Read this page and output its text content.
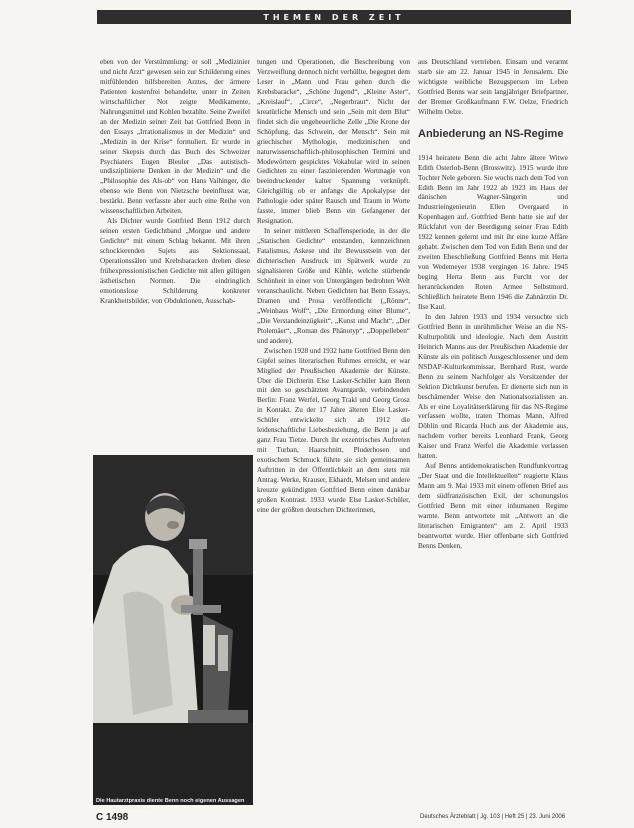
THEMEN DER ZEIT

eben von der Verstümmlung: er soll „Medizinier und nicht Arzt“ gewesen sein zur Schilderung eines mitfühlenden hilfsbereiten Arztes, der ärmere Patienten kostenfrei behandelte, unter in Zeiten wirtschaftlicher Not zeigte Medikamente, Nahrungsmittel und Kohlen bezahlte. Seine Zweifel an der Medizin seiner Zeit hat Gottfried Benn in den Essays „Irrationalismus in der Medizin“ und „Medizin in der Krise“ formuliert. Er wurde in seiner Skepsis durch das Buch des Schweizer Psychiaters Eugen Bleuler „Das autistisch-undisziplinierte Denken in der Medizin“ und die „Philosophie des Als-ob“ von Hans Vaihinger, die ebenso wie Benn von Nietzsche beeinflusst war, bestärkt. Benn verfasste aber auch eine Reihe von wissenschaftlichen Arbeiten.

Als Dichter wurde Gottfried Benn 1912 durch seinen ersten Gedichtband „Morgue und andere Gedichte“ mit einem Schlag bekannt. Mit ihren schockierenden Sujets aus Sektionssaal, Operationssälen und Krebsbaracken drehen diese frühexpressionistischen Gedichte mit allen gültigen ästhetischen Normen. Die eindringlich emotionslose Schilderung konkreter Krankheitsbilder, von Obduktionen, Ausschab-

tungen und Operationen, die Beschreibung von Verzweiflung dennoch nicht verhüllte, begegnet dem Leser in „Mann und Frau gehen durch die Krebsbaracke“, „Schöne Jugend“, „Kleine Aster“, „Kreislauf“, „Circe“, „Negerbraut“. Nicht der kreatürliche Mensch und sein „Sein mit dem Blut“ findet sich die ungeheuerliche Zelle „Die Krone der Schöpfung, das Schwein, der Mensch“. Sein mit griechischer Mythologie, medizinischen und naturwissenschaftlich-philosophischen Termini und Modewörtern gespicktes Vokabular wird in seinen Gedichten zu einer faszinierenden Wortmagie von beeindruckender kalter Spannung verknüpft. Gleichgültig ob er anfangs die Apokalypse der Pathologie oder später Rausch und Traum in Worte fasste, immer blieb Benn ein Gefangener der Resignation.

In seiner mittleren Schaffensperiode, in der die „Statischen Gedichte“ entstanden, kennzeichnen Fatalismus, Askese und ihr Bewusstsein von der dichterischen Ausdruck im Spätwerk wurde zu signalisieren Größe und Kühle, welche stürbende Schönheit in einer von Untergängen bedrohten Welt veranschaulicht. Neben Gedichten hat Benn Essays, Dramen und Prosa veröffentlicht („Rönne“, „Weinhaus Wolf“, „Die Ermordung einer Blume“, „Die Verstandeinzügkeit“, „Kunst und Macht“, „Der Ptolemäer“, „Roman des Phänotyp“, „Doppelleben“ und andere).

Zwischen 1928 und 1932 hatte Gottfried Benn den Gipfel seines literarischen Ruhmes erreicht, er war Mitglied der Preußischen Akademie der Künste. Über die Dichterin Else Lasker-Schüler kam Benn mit den so geschätzten Avantgarde, verbindenden Berlin: Franz Werfel, Georg Trakl und Georg Grosz in Kontakt. Zu der 17 Jahre älteren Else Lasker-Schüler entwickelte sich ab 1912 die leidenschaftliche Liebesbeziehung, die Benn ja auf ganz Frau Tietze. Durch ihr exzentrisches Auftreten mit Turban, Haarschnitt, Pluderhosen und exotischem Schmuck führte sie sich gemeinsamen Auftritten in der Öffentlichkeit an dem stets mit Antrag. Werke, Krauser, Ekhardt, Melsen und andere kreuzte gekündigten Gottfried Benn einen dankbar großen Kontrast. 1933 wurde Else Lasker-Schüler, eine der größten deutschen Dichterinnen,

aus Deutschland vertrieben. Einsam und verarmt starb sie am 22. Januar 1945 in Jerusalem. Die wichtigste weibliche Bezugsperson im Leben Gottfried Benns war sein langjähriger Briefpartner, der Bremer Großkaufmann F.W. Oelze, Friedrich Wilhelm Oelze.

Anbiederung an NS-Regime

1914 heiratete Benn die acht Jahre ältere Witwe Edith Osterloh-Benn (Brosswitz). 1915 wurde ihre Tochter Nele geboren. Sie wuchs nach dem Tod von Edith Benn im Jahr 1922 ab 1923 im Haus der dänischen Wagner-Sängerin und Industrieingenieurin Ellen Overgaard in Kopenhagen auf. Gottfried Benn hatte sie auf der Rückfahrt von der Beerdigung seiner Frau Edith 1922 kennen gelernt und mit ihr eine kurze Affäre gehabt. Zwischen dem Tod von Edith Benn und der zweiten Eheschließung Gottfried Benns mit Herta von Wedemeyer 1938 vergingen 16 Jahre. 1945 beging Herta Benn aus Furcht vor der heranrückenden Roten Armee Selbstmord. Schließlich heiratete Benn 1946 die Zahnärztin Dr. Ilse Kaul.

In den Jahren 1933 und 1934 versuchte sich Gottfried Benn in unrühmlicher Weise an die NS-Kulturpolitik und ideologie. Nach dem Austritt Heinrich Manns aus der Preußischen Akademie der Künste als ein politisch Ausgeschlossener und dem NSDAP-Kulturkommissar, Bernhard Rust, wurde Benn zu seinem Nachfolger als Vorsitzender der Sektion Dichtkunst berufen. Er dienerte sich nun in beschämender Weise den Nationalsozialisten an. Als er eine Loyalitätserklärung für das NS-Regime verfassen wollte, traten Thomas Mann, Alfred Döblin und Ricarda Huch aus der Akademie aus, nachdem vorher bereits Leonhard Frank, Georg Kaiser und Franz Werfel die Akademie verlassen hatten.

Auf Benns antidemokratischen Rundfunkvortrag „Der Staat und die Intellektuellen“ reagierte Klaus Mann am 9. Mai 1933 mit einem offenen Brief aus dem südfranzösischen Exil, der schonungslos Gottfried Benn mit einer inhumanen Regime warnte. Benn antwortete mit „Antwort an die literarischen Emigranten“ am 2. April 1933 beantwortet wurde. Hier offenbarte sich Gottfried Benns Denken,

Die Hautarztpraxis diente Benn noch eigenen Aussagen nur zum Broterwerb.
C 1498	Deutsches Ärzteblatt | Jg. 103 | Heft 25 | 23. Juni 2006
